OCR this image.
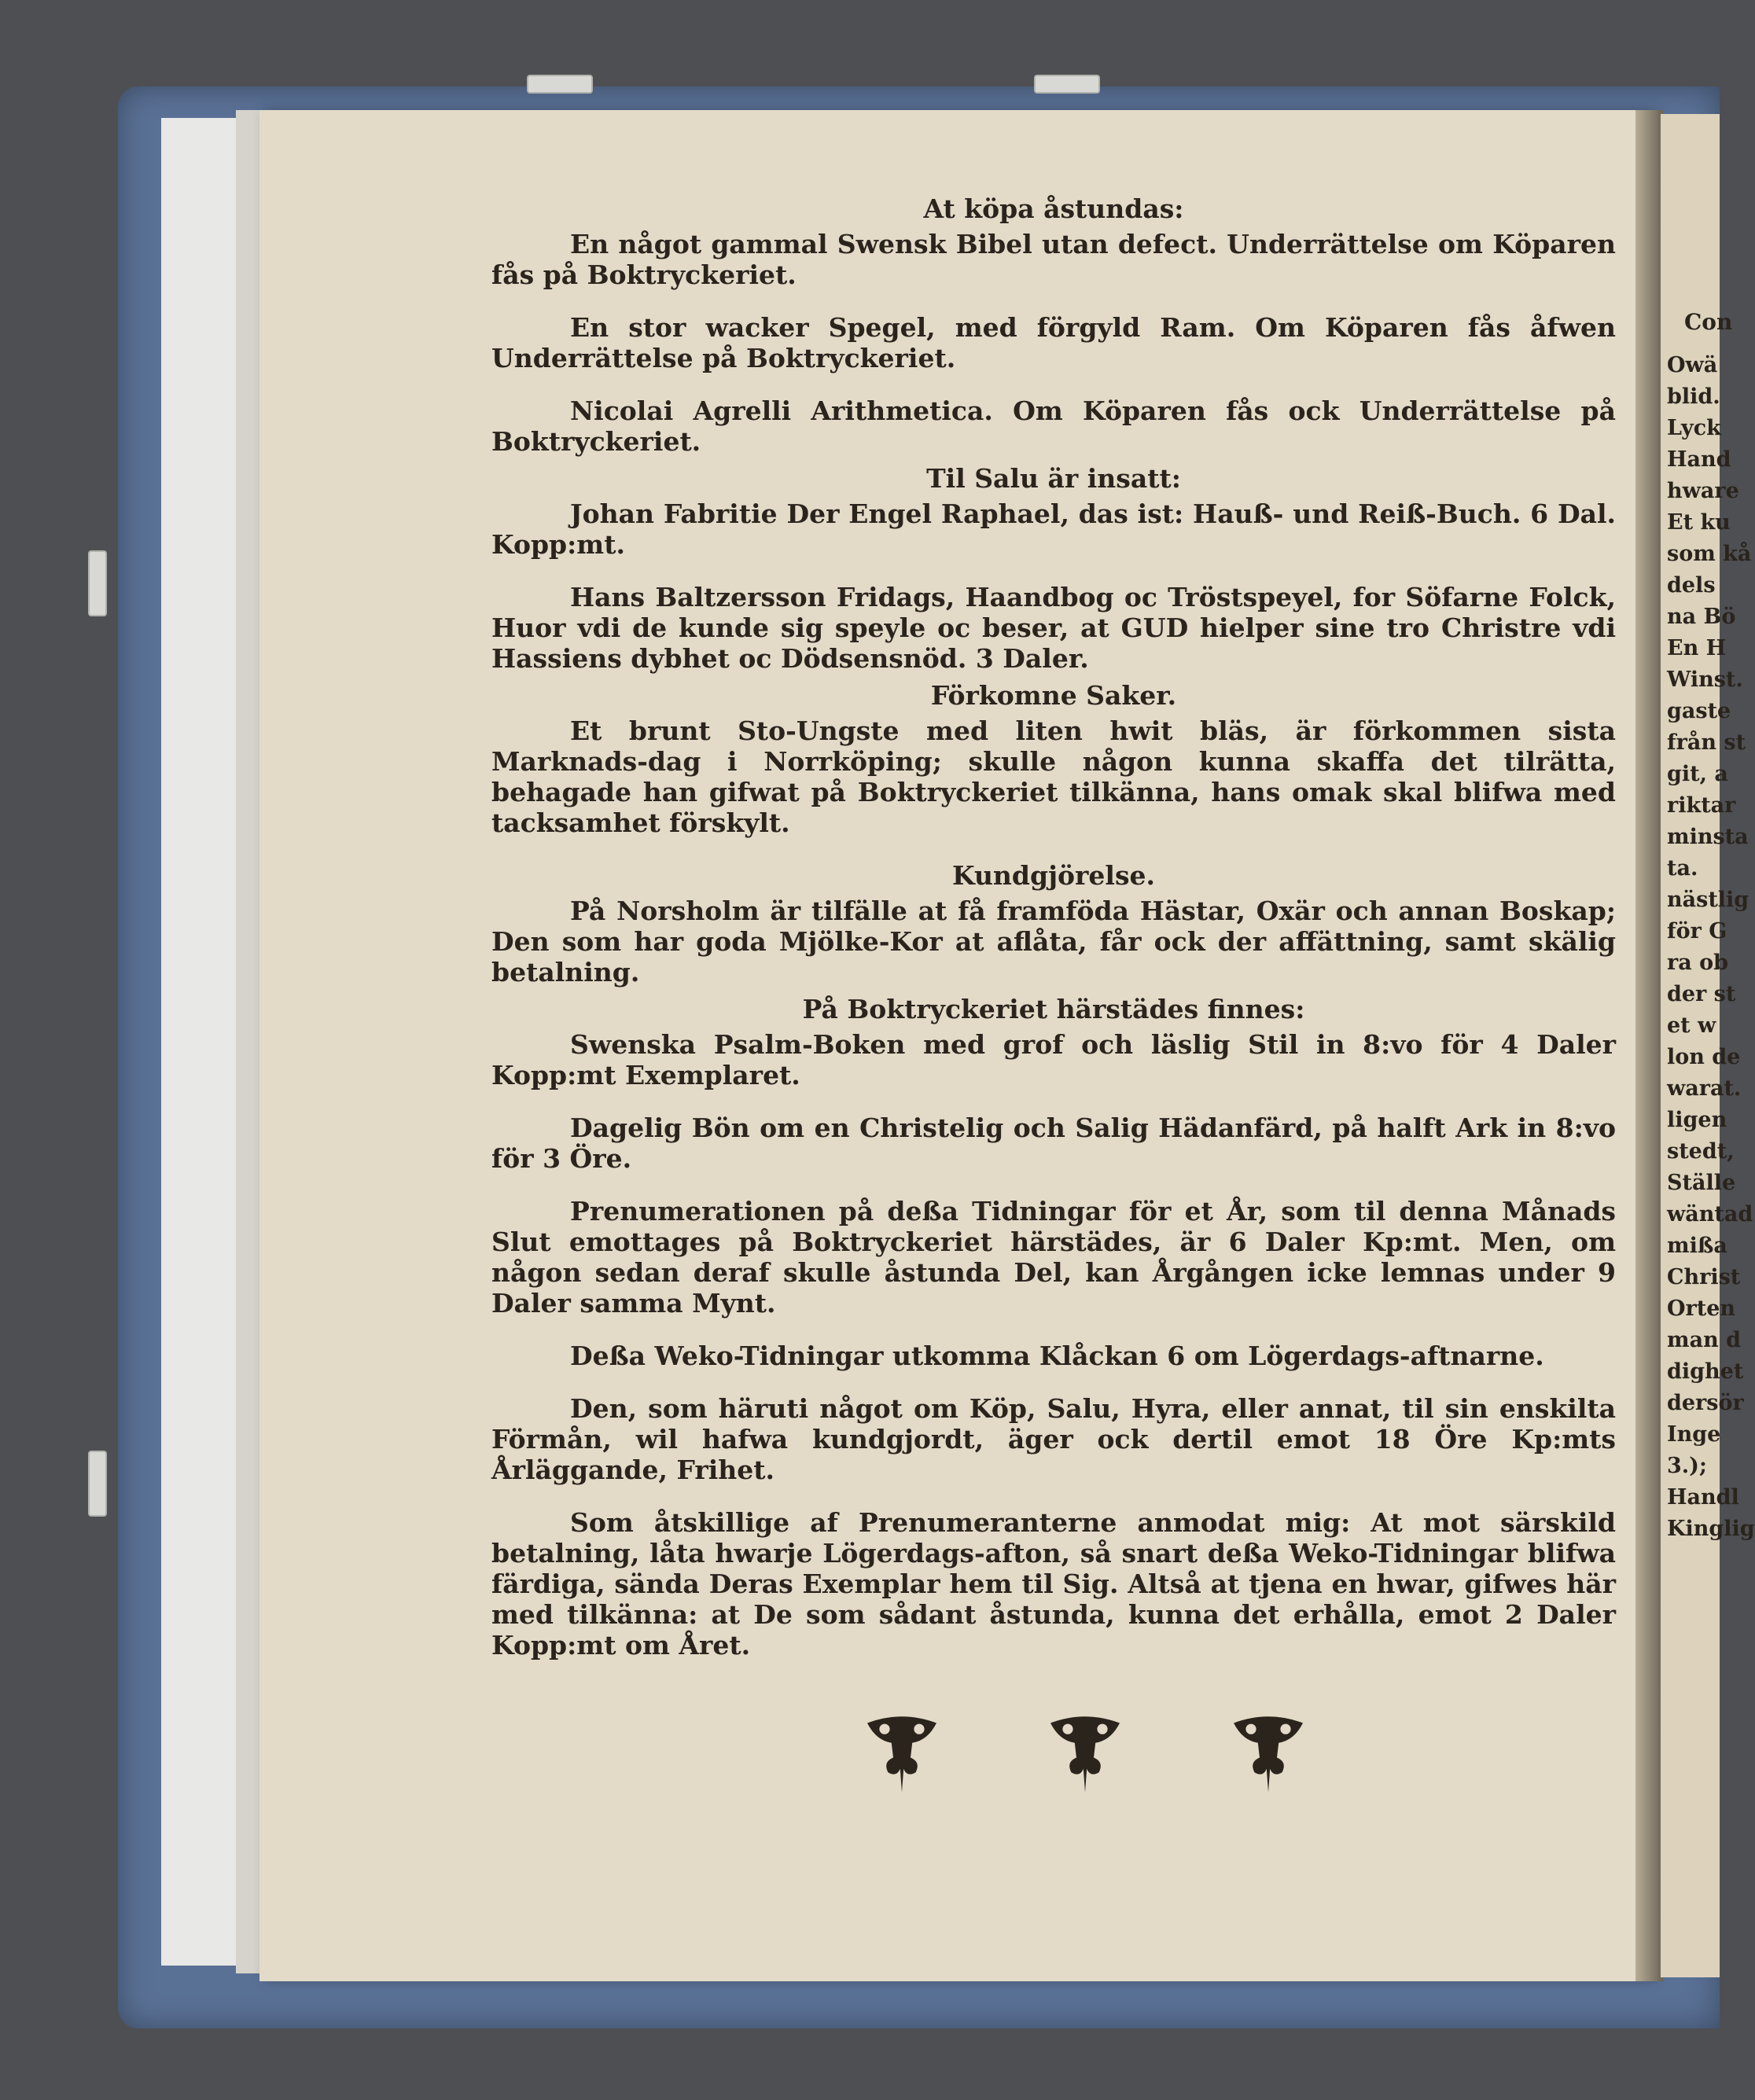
Con
Owä
blid.
Lyck
Hand
hware
Et ku
som kå
dels
na Bö
En H
Winst.
gaste
från st
git, a
riktar
minsta
ta.
nästlig
för G
ra ob
der st
et w
lon de
warat.
ligen
stedt,
Ställe
wäntad
mißa
Christ
Orten
man d
dighet
dersör
Inge
3.);
Handl
Kinglig
At köpa åstundas:

En något gammal Swensk Bibel utan defect. Underrättelse om Köparen fås på Boktryckeriet.

En stor wacker Spegel, med förgyld Ram. Om Köparen fås åfwen Underrättelse på Boktryckeriet.

Nicolai Agrelli Arithmetica. Om Köparen fås ock Underrättelse på Boktryckeriet.

Til Salu är insatt:

Johan Fabritie Der Engel Raphael, das ist: Hauß- und Reiß-Buch. 6 Dal. Kopp:mt.

Hans Baltzersson Fridags, Haandbog oc Tröstspeyel, for Söfarne Folck, Huor vdi de kunde sig speyle oc beser, at GUD hielper sine tro Christre vdi Hassiens dybhet oc Dödsensnöd. 3 Daler.

Förkomne Saker.

Et brunt Sto-Ungste med liten hwit bläs, är förkommen sista Marknads-dag i Norrköping; skulle någon kunna skaffa det tilrätta, behagade han gifwat på Boktryckeriet tilkänna, hans omak skal blifwa med tacksamhet förskylt.

Kundgjörelse.

På Norsholm är tilfälle at få framföda Hästar, Oxär och annan Boskap; Den som har goda Mjölke-Kor at aflåta, får ock der affättning, samt skälig betalning.

På Boktryckeriet härstädes finnes:

Swenska Psalm-Boken med grof och läslig Stil in 8:vo för 4 Daler Kopp:mt Exemplaret.

Dagelig Bön om en Christelig och Salig Hädanfärd, på halft Ark in 8:vo för 3 Öre.

Prenumerationen på deßa Tidningar för et År, som til denna Månads Slut emottages på Boktryckeriet härstädes, är 6 Daler Kp:mt. Men, om någon sedan deraf skulle åstunda Del, kan Årgången icke lemnas under 9 Daler samma Mynt.

Deßa Weko-Tidningar utkomma Klåckan 6 om Lögerdags-aftnarne.

Den, som häruti något om Köp, Salu, Hyra, eller annat, til sin enskilta Förmån, wil hafwa kundgjordt, äger ock dertil emot 18 Öre Kp:mts Årläggande, Frihet.

Som åtskillige af Prenumeranterne anmodat mig: At mot särskild betalning, låta hwarje Lögerdags-afton, så snart deßa Weko-Tidningar blifwa färdiga, sända Deras Exemplar hem til Sig. Altså at tjena en hwar, gifwes här med tilkänna: at De som sådant åstunda, kunna det erhålla, emot 2 Daler Kopp:mt om Året.
